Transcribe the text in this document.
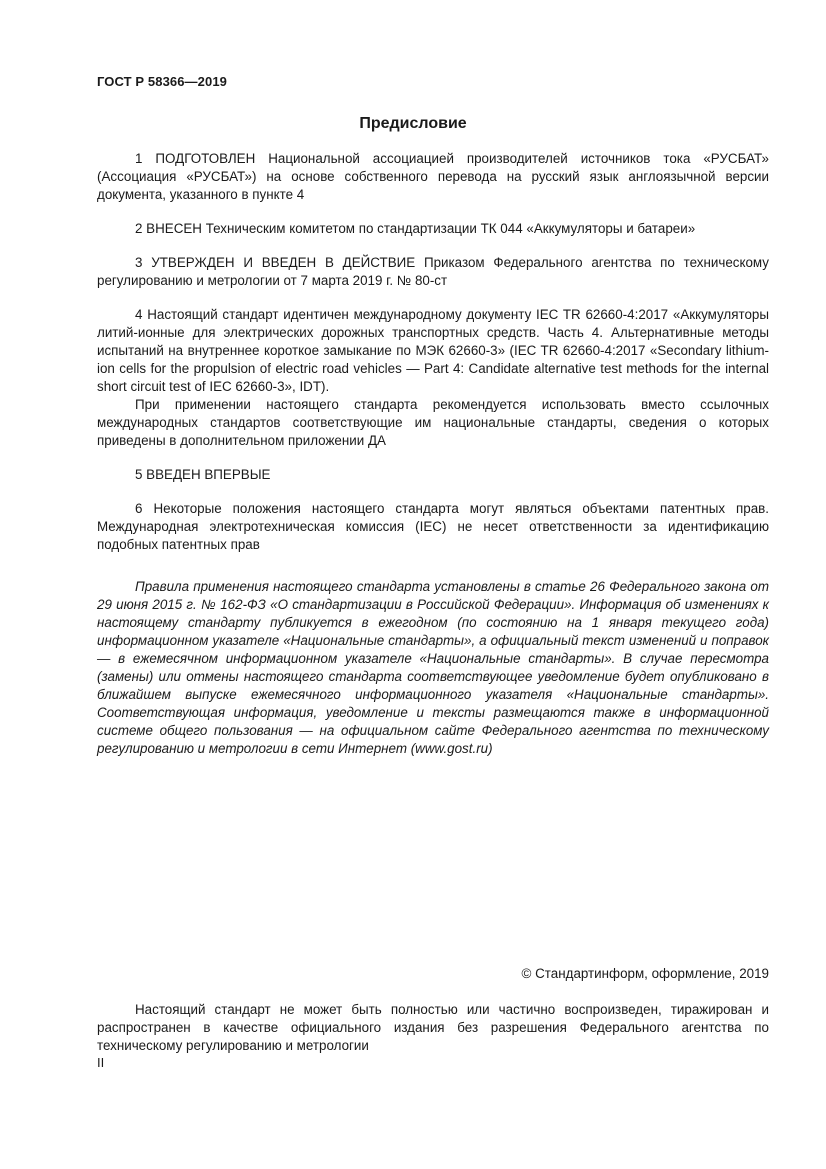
ГОСТ Р 58366—2019
Предисловие

1 ПОДГОТОВЛЕН Национальной ассоциацией производителей источников тока «РУСБАТ» (Ассоциация «РУСБАТ») на основе собственного перевода на русский язык англоязычной версии документа, указанного в пункте 4

2 ВНЕСЕН Техническим комитетом по стандартизации ТК 044 «Аккумуляторы и батареи»

3 УТВЕРЖДЕН И ВВЕДЕН В ДЕЙСТВИЕ Приказом Федерального агентства по техническому регулированию и метрологии от 7 марта 2019 г. № 80-ст

4 Настоящий стандарт идентичен международному документу IEC TR 62660-4:2017 «Аккумуляторы литий-ионные для электрических дорожных транспортных средств. Часть 4. Альтернативные методы испытаний на внутреннее короткое замыкание по МЭК 62660-3» (IEC TR 62660-4:2017 «Secondary lithium-ion cells for the propulsion of electric road vehicles — Part 4: Candidate alternative test methods for the internal short circuit test of IEC 62660-3», IDT).

При применении настоящего стандарта рекомендуется использовать вместо ссылочных международных стандартов соответствующие им национальные стандарты, сведения о которых приведены в дополнительном приложении ДА

5 ВВЕДЕН ВПЕРВЫЕ

6 Некоторые положения настоящего стандарта могут являться объектами патентных прав. Международная электротехническая комиссия (IEC) не несет ответственности за идентификацию подобных патентных прав

Правила применения настоящего стандарта установлены в статье 26 Федерального закона от 29 июня 2015 г. № 162-ФЗ «О стандартизации в Российской Федерации». Информация об изменениях к настоящему стандарту публикуется в ежегодном (по состоянию на 1 января текущего года) информационном указателе «Национальные стандарты», а официальный текст изменений и поправок — в ежемесячном информационном указателе «Национальные стандарты». В случае пересмотра (замены) или отмены настоящего стандарта соответствующее уведомление будет опубликовано в ближайшем выпуске ежемесячного информационного указателя «Национальные стандарты». Соответствующая информация, уведомление и тексты размещаются также в информационной системе общего пользования — на официальном сайте Федерального агентства по техническому регулированию и метрологии в сети Интернет (www.gost.ru)

© Стандартинформ, оформление, 2019

Настоящий стандарт не может быть полностью или частично воспроизведен, тиражирован и распространен в качестве официального издания без разрешения Федерального агентства по техническому регулированию и метрологии

II
